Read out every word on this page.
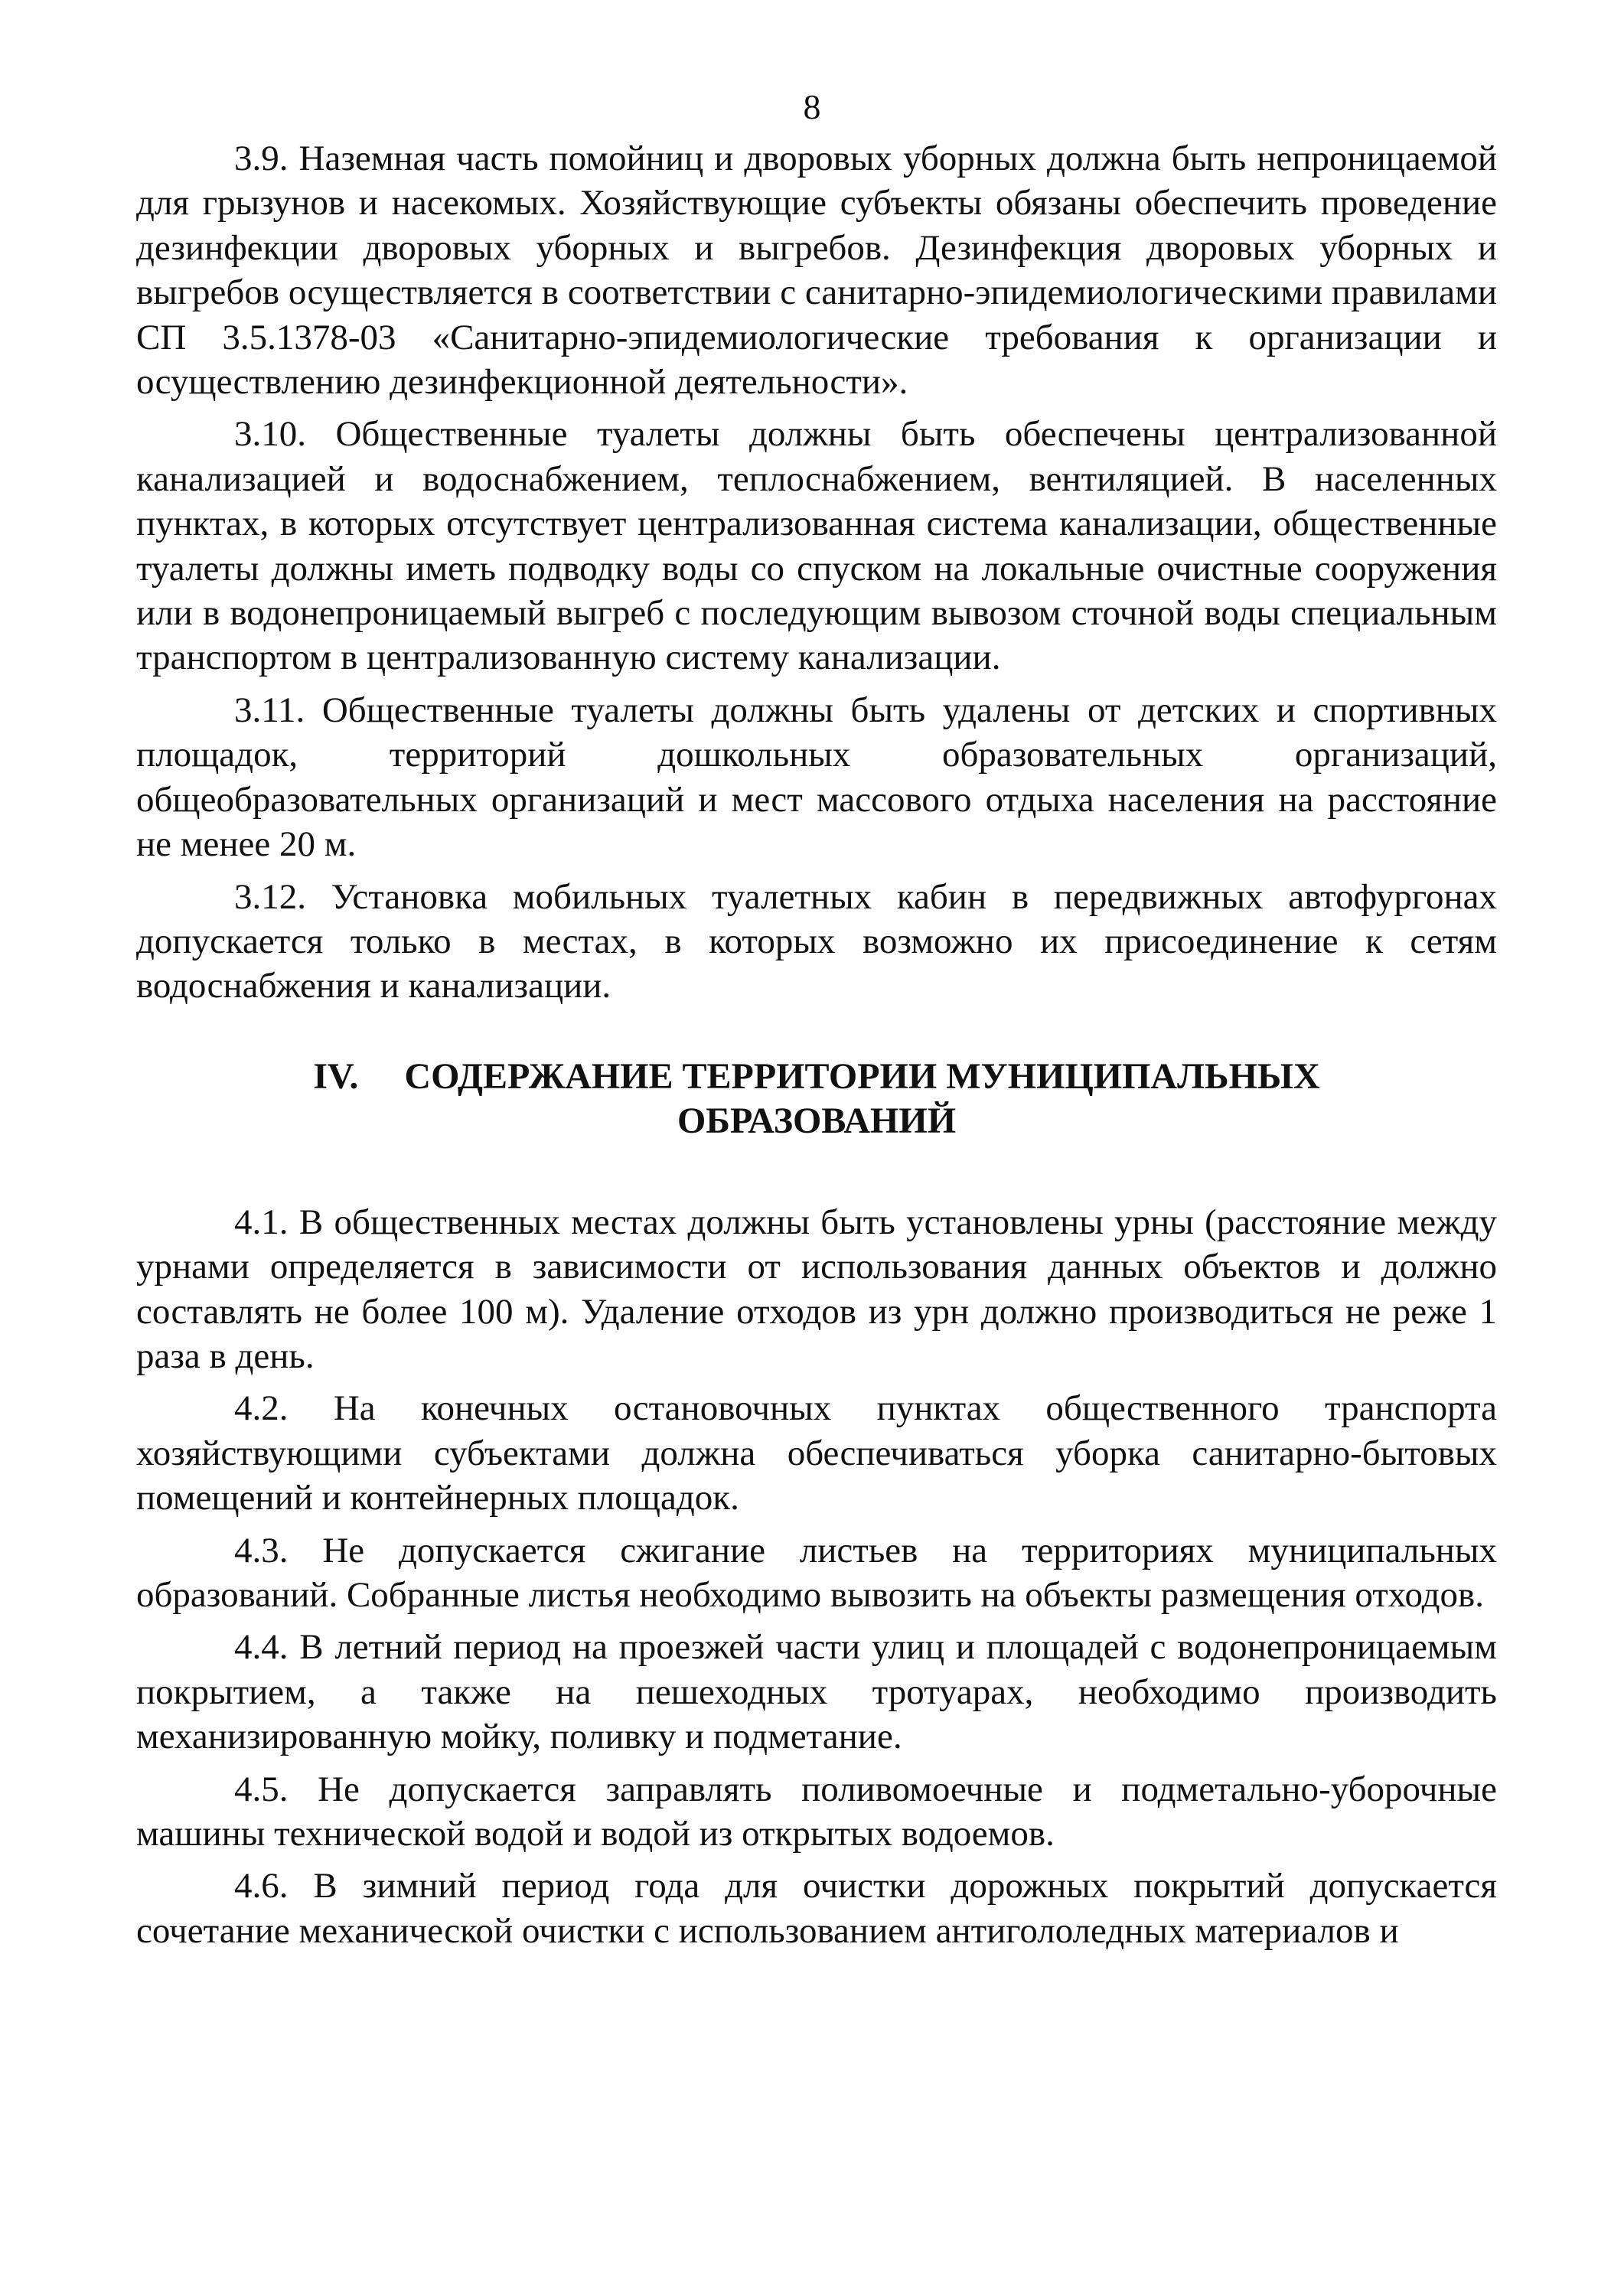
8

3.9. Наземная часть помойниц и дворовых уборных должна быть непроницаемой для грызунов и насекомых. Хозяйствующие субъекты обязаны обеспечить проведение дезинфекции дворовых уборных и выгребов. Дезинфекция дворовых уборных и выгребов осуществляется в соответствии с санитарно-эпидемиологическими правилами СП 3.5.1378-03 «Санитарно-эпидемиологические требования к организации и осуществлению дезинфекционной деятельности».

3.10. Общественные туалеты должны быть обеспечены централизованной канализацией и водоснабжением, теплоснабжением, вентиляцией. В населенных пунктах, в которых отсутствует централизованная система канализации, общественные туалеты должны иметь подводку воды со спуском на локальные очистные сооружения или в водонепроницаемый выгреб с последующим вывозом сточной воды специальным транспортом в централизованную систему канализации.

3.11. Общественные туалеты должны быть удалены от детских и спортивных площадок, территорий дошкольных образовательных организаций, общеобразовательных организаций и мест массового отдыха населения на расстояние не менее 20 м.

3.12. Установка мобильных туалетных кабин в передвижных автофургонах допускается только в местах, в которых возможно их присоединение к сетям водоснабжения и канализации.

IV. СОДЕРЖАНИЕ ТЕРРИТОРИИ МУНИЦИПАЛЬНЫХ
ОБРАЗОВАНИЙ

4.1. В общественных местах должны быть установлены урны (расстояние между урнами определяется в зависимости от использования данных объектов и должно составлять не более 100 м). Удаление отходов из урн должно производиться не реже 1 раза в день.

4.2. На конечных остановочных пунктах общественного транспорта хозяйствующими субъектами должна обеспечиваться уборка санитарно-бытовых помещений и контейнерных площадок.

4.3. Не допускается сжигание листьев на территориях муниципальных образований. Собранные листья необходимо вывозить на объекты размещения отходов.

4.4. В летний период на проезжей части улиц и площадей с водонепроницаемым покрытием, а также на пешеходных тротуарах, необходимо производить механизированную мойку, поливку и подметание.

4.5. Не допускается заправлять поливомоечные и подметально-уборочные машины технической водой и водой из открытых водоемов.

4.6. В зимний период года для очистки дорожных покрытий допускается сочетание механической очистки с использованием антигололедных материалов и
